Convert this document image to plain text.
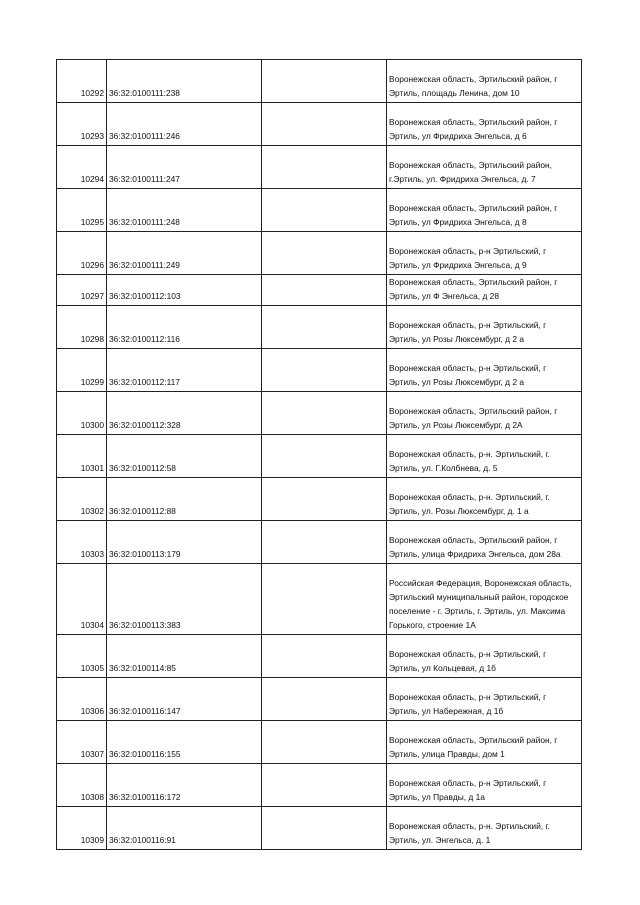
10292	36:32:0100111:238		Воронежская область, Эртильский район, г Эртиль, площадь Ленина, дом 10
10293	36:32:0100111:246		Воронежская область, Эртильский район, г Эртиль, ул Фридриха Энгельса, д 6
10294	36:32:0100111:247		Воронежская область, Эртильский район, г.Эртиль, ул. Фридриха Энгельса, д. 7
10295	36:32:0100111:248		Воронежская область, Эртильский район, г Эртиль, ул Фридриха Энгельса, д 8
10296	36:32:0100111:249		Воронежская область, р-н Эртильский, г Эртиль, ул Фридриха Энгельса, д 9
10297	36:32:0100112:103		Воронежская область, Эртильский район, г Эртиль, ул Ф Энгельса, д 28
10298	36:32:0100112:116		Воронежская область, р-н Эртильский, г Эртиль, ул Розы Люксембург, д 2 а
10299	36:32:0100112:117		Воронежская область, р-н Эртильский, г Эртиль, ул Розы Люксембург, д 2 а
10300	36:32:0100112:328		Воронежская область, Эртильский район, г Эртиль, ул Розы Люксембург, д 2А
10301	36:32:0100112:58		Воронежская область, р-н. Эртильский, г. Эртиль, ул. Г.Колбнева, д. 5
10302	36:32:0100112:88		Воронежская область, р-н. Эртильский, г. Эртиль, ул. Розы Люксембург, д. 1 а
10303	36:32:0100113:179		Воронежская область, Эртильский район, г Эртиль, улица Фридриха Энгельса, дом 28а
10304	36:32:0100113:383		Российская Федерация, Воронежская область, Эртильский муниципальный район, городское поселение - г. Эртиль, г. Эртиль, ул. Максима Горького, строение 1А
10305	36:32:0100114:85		Воронежская область, р-н Эртильский, г Эртиль, ул Кольцевая, д 1б
10306	36:32:0100116:147		Воронежская область, р-н Эртильский, г Эртиль, ул Набережная, д 1б
10307	36:32:0100116:155		Воронежская область, Эртильский район, г Эртиль, улица Правды, дом 1
10308	36:32:0100116:172		Воронежская область, р-н Эртильский, г Эртиль, ул Правды, д 1а
10309	36:32:0100116:91		Воронежская область, р-н. Эртильский, г. Эртиль, ул. Энгельса, д. 1
